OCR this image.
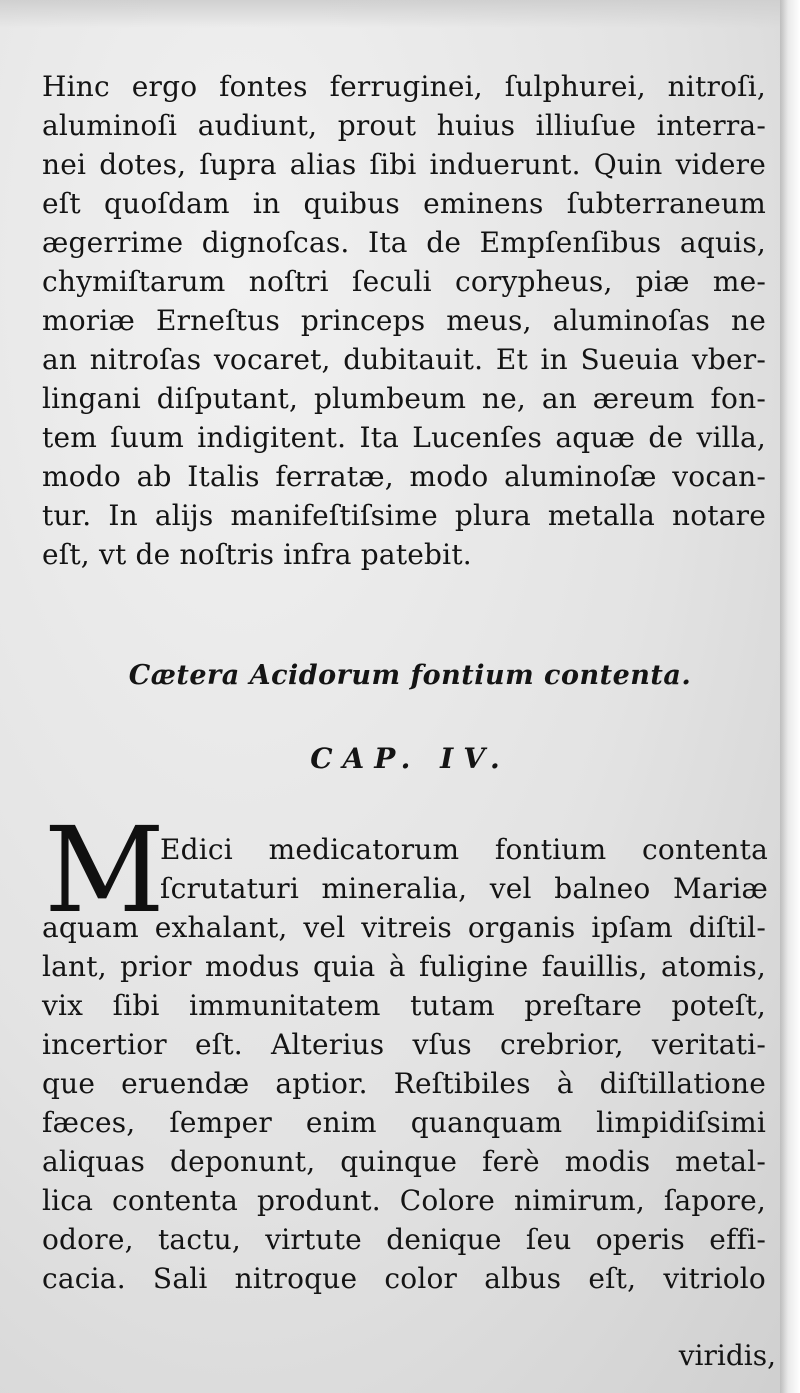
Hinc ergo fontes ferruginei, ſulphurei, nitroſi,
aluminoſi audiunt, prout huius illiuſue interra-
nei dotes, ſupra alias ſibi induerunt. Quin videre
eſt quoſdam in quibus eminens ſubterraneum
ægerrime dignoſcas. Ita de Empſenſibus aquis,
chymiſtarum noſtri ſeculi corypheus, piæ me-
moriæ Erneſtus princeps meus, aluminoſas ne
an nitroſas vocaret, dubitauit. Et in Sueuia vber-
lingani diſputant, plumbeum ne, an æreum fon-
tem ſuum indigitent. Ita Lucenſes aquæ de villa,
modo ab Italis ferratæ, modo aluminoſæ vocan-
tur. In alijs manifeſtiſsime plura metalla notare
eſt, vt de noſtris infra patebit.
Cætera Acidorum fontium contenta.
CAP. IV.
M
Edici medicatorum fontium contenta
ſcrutaturi mineralia, vel balneo Mariæ
aquam exhalant, vel vitreis organis ipſam diſtil-
lant, prior modus quia à fuligine fauillis, atomis,
vix ſibi immunitatem tutam preſtare poteſt,
incertior eſt. Alterius vſus crebrior, veritati-
que eruendæ aptior. Reſtibiles à diſtillatione
fæces, ſemper enim quanquam limpidiſsimi
aliquas deponunt, quinque ferè modis metal-
lica contenta produnt. Colore nimirum, ſapore,
odore, tactu, virtute denique ſeu operis effi-
cacia. Sali nitroque color albus eſt, vitriolo
viridis,
